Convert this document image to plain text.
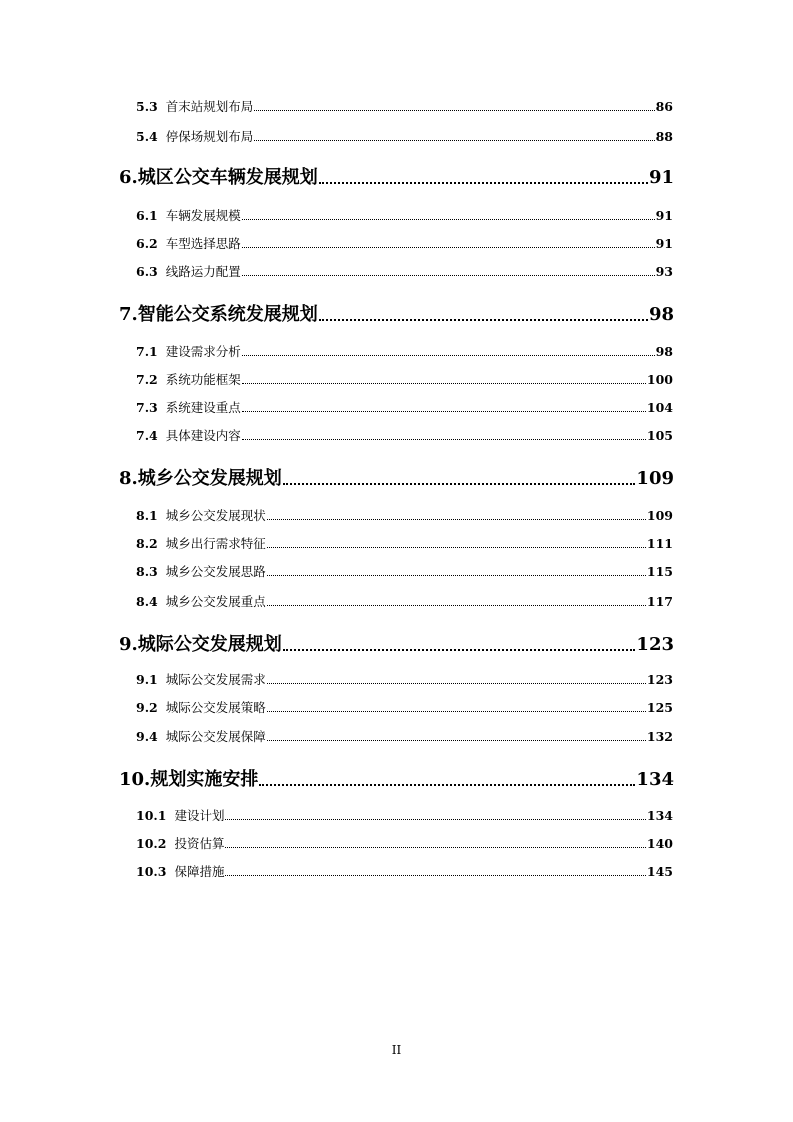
5.3 首末站规划布局	86
5.4 停保场规划布局	88
6. 城区公交车辆发展规划	91
6.1 车辆发展规模	91
6.2 车型选择思路	91
6.3 线路运力配置	93
7. 智能公交系统发展规划	98
7.1 建设需求分析	98
7.2 系统功能框架	100
7.3 系统建设重点	104
7.4 具体建设内容	105
8. 城乡公交发展规划	109
8.1 城乡公交发展现状	109
8.2 城乡出行需求特征	111
8.3 城乡公交发展思路	115
8.4 城乡公交发展重点	117
9. 城际公交发展规划	123
9.1 城际公交发展需求	123
9.2 城际公交发展策略	125
9.4 城际公交发展保障	132
10. 规划实施安排	134
10.1 建设计划	134
10.2 投资估算	140
10.3 保障措施	145
II
